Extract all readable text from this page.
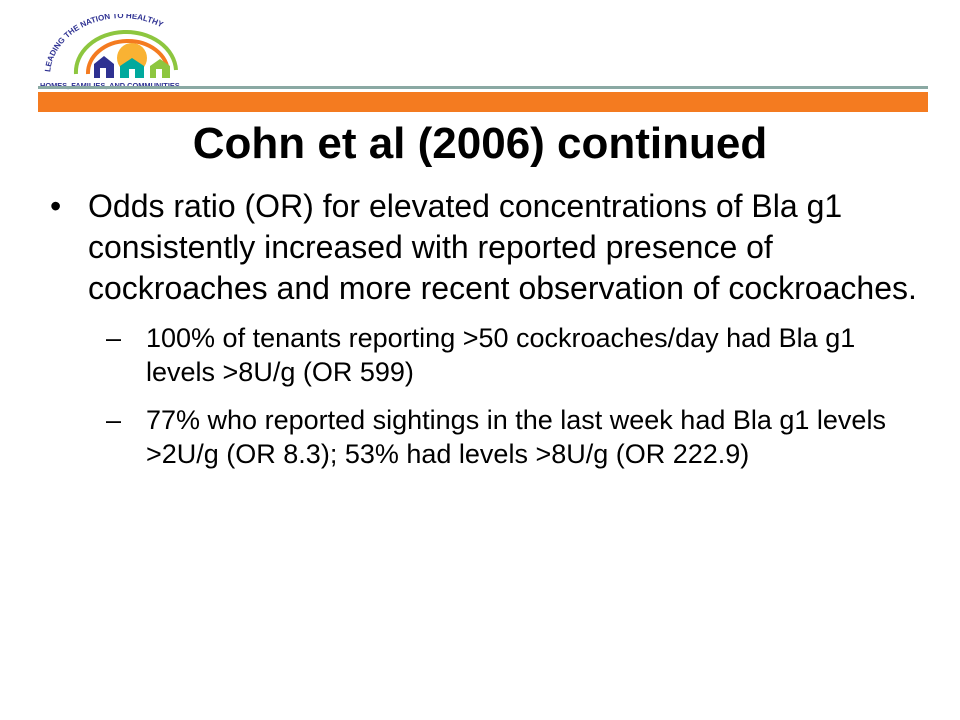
LEADING THE NATION TO HEALTHY
Cohn et al (2006) continued
• Odds ratio (OR) for elevated concentrations of Bla g1 consistently increased with reported presence of cockroaches and more recent observation of cockroaches.
– 100% of tenants reporting >50 cockroaches/day had Bla g1 levels >8U/g (OR 599)
– 77% who reported sightings in the last week had Bla g1 levels >2U/g (OR 8.3); 53% had levels >8U/g (OR 222.9)
